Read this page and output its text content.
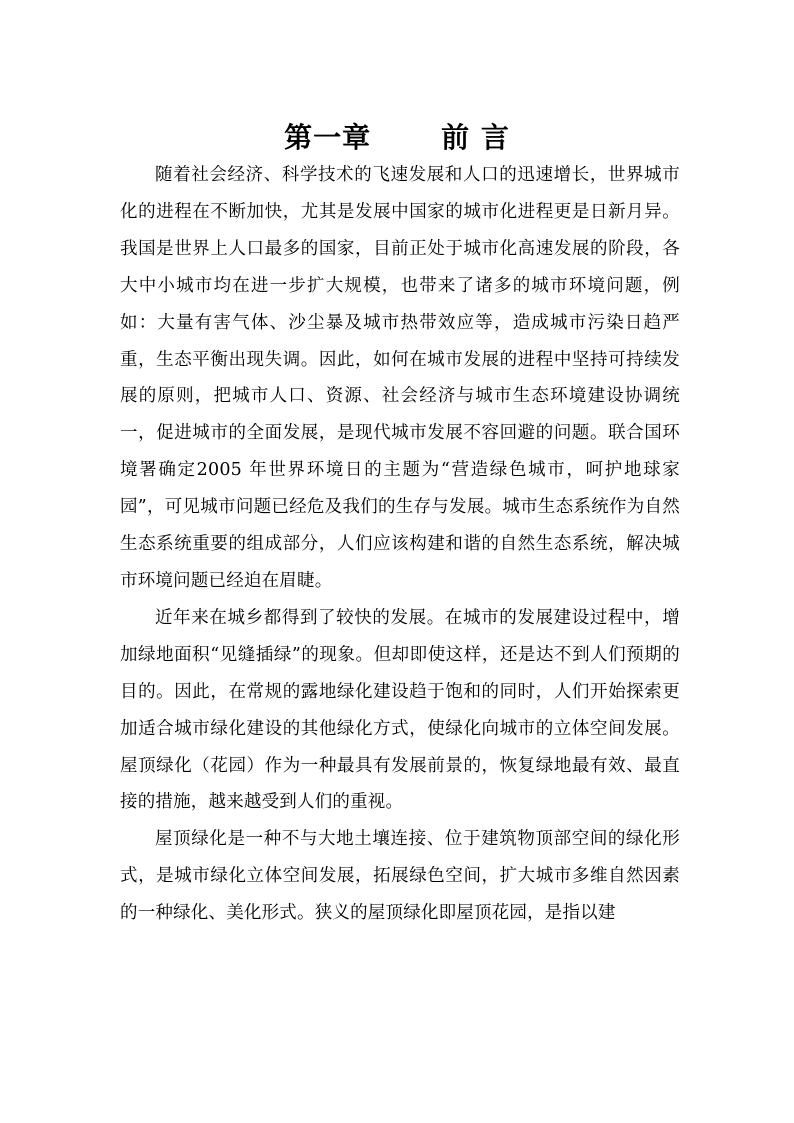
第一章	前 言

随着社会经济、科学技术的飞速发展和人口的迅速增长，世界城市化的进程在不断加快，尤其是发展中国家的城市化进程更是日新月异。我国是世界上人口最多的国家，目前正处于城市化高速发展的阶段，各大中小城市均在进一步扩大规模，也带来了诸多的城市环境问题，例如：大量有害气体、沙尘暴及城市热带效应等，造成城市污染日趋严重，生态平衡出现失调。因此，如何在城市发展的进程中坚持可持续发展的原则，把城市人口、资源、社会经济与城市生态环境建设协调统一，促进城市的全面发展，是现代城市发展不容回避的问题。联合国环境署确定2005 年世界环境日的主题为“营造绿色城市，呵护地球家园”，可见城市问题已经危及我们的生存与发展。城市生态系统作为自然生态系统重要的组成部分，人们应该构建和谐的自然生态系统，解决城市环境问题已经迫在眉睫。

近年来在城乡都得到了较快的发展。在城市的发展建设过程中，增加绿地面积“见缝插绿”的现象。但却即使这样，还是达不到人们预期的目的。因此，在常规的露地绿化建设趋于饱和的同时，人们开始探索更加适合城市绿化建设的其他绿化方式，使绿化向城市的立体空间发展。屋顶绿化（花园）作为一种最具有发展前景的，恢复绿地最有效、最直接的措施，越来越受到人们的重视。

屋顶绿化是一种不与大地土壤连接、位于建筑物顶部空间的绿化形式，是城市绿化立体空间发展，拓展绿色空间，扩大城市多维自然因素的一种绿化、美化形式。狭义的屋顶绿化即屋顶花园，是指以建
